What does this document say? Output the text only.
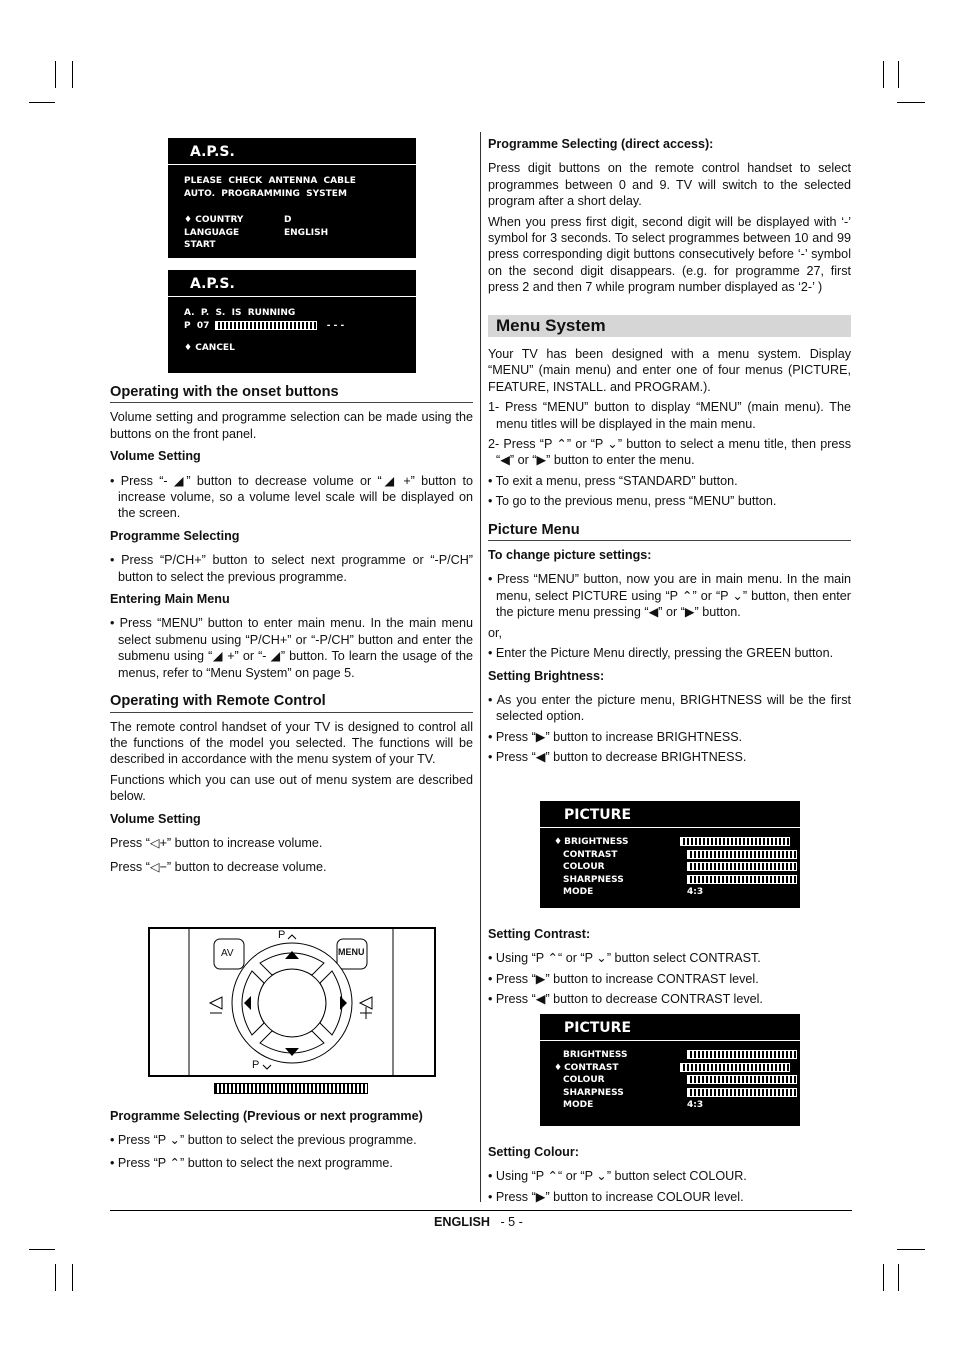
A.P.S.
PLEASE  CHECK  ANTENNA  CABLE
AUTO.  PROGRAMMING  SYSTEM
♦ COUNTRY	D
LANGUAGE	ENGLISH
START
A.P.S.
A.  P.  S.  IS  RUNNING
P  07	- - -
♦ CANCEL
Operating with the onset buttons

Volume setting and programme selection can be made using the buttons on the front panel.

Volume Setting

• Press “- ◢” button to decrease volume or “◢ +” button to increase volume, so a volume level scale will be displayed on the screen.

Programme Selecting

• Press “P/CH+” button to select next programme or “-P/CH” button to select the previous programme.

Entering Main Menu

• Press “MENU” button to enter main menu. In the main menu select submenu using “P/CH+” or “-P/CH” button and enter the submenu using “◢ +” or “- ◢” button. To learn the usage of the menus, refer to “Menu System” on page 5.

Operating with Remote Control

The remote control handset of your TV is designed to control all the functions of the model you selected. The functions will be described in accordance with the menu system of your TV.

Functions which you can use out of menu system are described below.

Volume Setting

Press “◁+” button to increase volume.

Press “◁−” button to decrease volume.

AV	MENU
P
P
Programme Selecting (Previous or next programme)

• Press “P ⌄” button to select the previous programme.

• Press “P ⌃” button to select the next programme.

Programme Selecting (direct access):

Press digit buttons on the remote control handset to select programmes between 0 and 9. TV will switch to the selected program after a short delay.

When you press first digit, second digit will be displayed with ‘-’ symbol for 3 seconds. To select programmes between 10 and 99 press corresponding digit buttons consecutively before ‘-’ symbol on the second digit disappears. (e.g. for programme 27, first press 2 and then 7 while program number displayed as ‘2-’ )

Menu System

Your TV has been designed with a menu system. Display “MENU” (main menu) and enter one of four menus (PICTURE, FEATURE, INSTALL. and PROGRAM.).

1- Press “MENU” button to display “MENU” (main menu). The menu titles will be displayed in the main menu.

2- Press “P ⌃” or “P ⌄” button to select a menu title, then press “◀” or “▶” button to enter the menu.

• To exit a menu, press “STANDARD” button.

• To go to the previous menu, press “MENU” button.

Picture Menu
To change picture settings:

• Press “MENU” button, now you are in main menu. In the main menu, select PICTURE using “P ⌃” or “P ⌄” button, then enter the picture menu pressing “◀” or “▶” button.

or,

• Enter the Picture Menu directly, pressing the GREEN button.

Setting Brightness:

• As you enter the picture menu, BRIGHTNESS will be the first selected option.

• Press “▶” button to increase BRIGHTNESS.

• Press “◀” button to decrease BRIGHTNESS.

PICTURE
♦ BRIGHTNESS
CONTRAST
COLOUR
SHARPNESS
MODE	4:3
Setting Contrast:

• Using “P ⌃“ or “P ⌄” button select CONTRAST.

• Press “▶” button to increase CONTRAST level.

• Press “◀” button to decrease CONTRAST level.

PICTURE
BRIGHTNESS
♦ CONTRAST
COLOUR
SHARPNESS
MODE	4:3
Setting Colour:

• Using “P ⌃“ or “P ⌄” button select COLOUR.

• Press “▶” button to increase COLOUR level.

ENGLISH - 5 -
